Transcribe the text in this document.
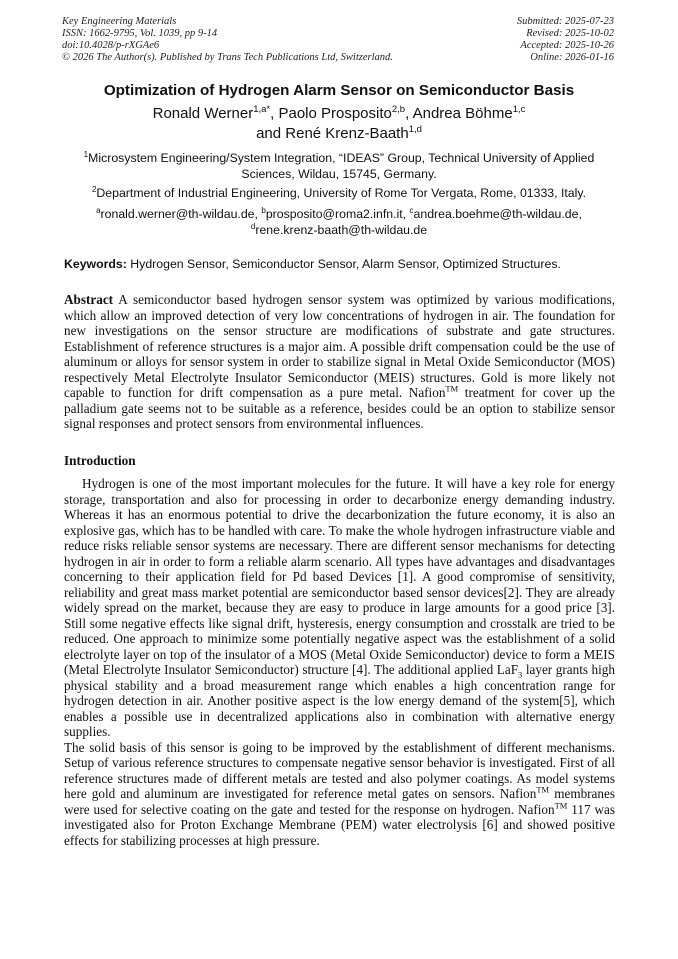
Key Engineering Materials
ISSN: 1662-9795, Vol. 1039, pp 9-14
doi:10.4028/p-rXGAe6
© 2026 The Author(s). Published by Trans Tech Publications Ltd, Switzerland.
Submitted: 2025-07-23
Revised: 2025-10-02
Accepted: 2025-10-26
Online: 2026-01-16
Optimization of Hydrogen Alarm Sensor on Semiconductor Basis
Ronald Werner$^{1,a*}$, Paolo Prosposito$^{2,b}$, Andrea Böhme$^{1,c}$
and René Krenz-Baath$^{1,d}$
$^1$Microsystem Engineering/System Integration, “IDEAS” Group, Technical University of Applied Sciences, Wildau, 15745, Germany.
$^2$Department of Industrial Engineering, University of Rome Tor Vergata, Rome, 01333, Italy.
$^a$ronald.werner@th-wildau.de, $^b$prosposito@roma2.infn.it, $^c$andrea.boehme@th-wildau.de,
$^d$rene.krenz-baath@th-wildau.de
Keywords: Hydrogen Sensor, Semiconductor Sensor, Alarm Sensor, Optimized Structures.

Abstract A semiconductor based hydrogen sensor system was optimized by various modifications, which allow an improved detection of very low concentrations of hydrogen in air. The foundation for new investigations on the sensor structure are modifications of substrate and gate structures. Establishment of reference structures is a major aim. A possible drift compensation could be the use of aluminum or alloys for sensor system in order to stabilize signal in Metal Oxide Semiconductor (MOS) respectively Metal Electrolyte Insulator Semiconductor (MEIS) structures. Gold is more likely not capable to function for drift compensation as a pure metal. Nafion™ treatment for cover up the palladium gate seems not to be suitable as a reference, besides could be an option to stabilize sensor signal responses and protect sensors from environmental influences.

Introduction

Hydrogen is one of the most important molecules for the future. It will have a key role for energy storage, transportation and also for processing in order to decarbonize energy demanding industry. Whereas it has an enormous potential to drive the decarbonization the future economy, it is also an explosive gas, which has to be handled with care. To make the whole hydrogen infrastructure viable and reduce risks reliable sensor systems are necessary. There are different sensor mechanisms for detecting hydrogen in air in order to form a reliable alarm scenario. All types have advantages and disadvantages concerning to their application field for Pd based Devices [1]. A good compromise of sensitivity, reliability and great mass market potential are semiconductor based sensor devices[2]. They are already widely spread on the market, because they are easy to produce in large amounts for a good price [3]. Still some negative effects like signal drift, hysteresis, energy consumption and crosstalk are tried to be reduced. One approach to minimize some potentially negative aspect was the establishment of a solid electrolyte layer on top of the insulator of a MOS (Metal Oxide Semiconductor) device to form a MEIS (Metal Electrolyte Insulator Semiconductor) structure [4]. The additional applied LaF$_3$ layer grants high physical stability and a broad measurement range which enables a high concentration range for hydrogen detection in air. Another positive aspect is the low energy demand of the system[5], which enables a possible use in decentralized applications also in combination with alternative energy supplies.

The solid basis of this sensor is going to be improved by the establishment of different mechanisms. Setup of various reference structures to compensate negative sensor behavior is investigated. First of all reference structures made of different metals are tested and also polymer coatings. As model systems here gold and aluminum are investigated for reference metal gates on sensors. Nafion™ membranes were used for selective coating on the gate and tested for the response on hydrogen. Nafion™ 117 was investigated also for Proton Exchange Membrane (PEM) water electrolysis [6] and showed positive effects for stabilizing processes at high pressure.
